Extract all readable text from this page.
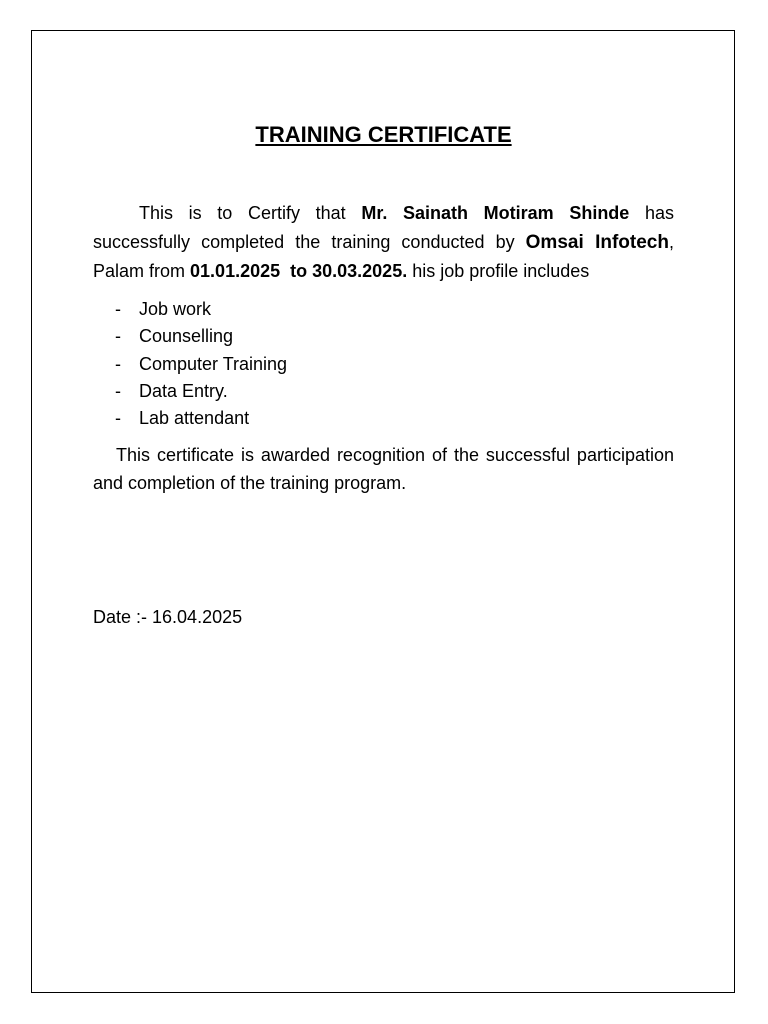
TRAINING CERTIFICATE

This is to Certify that Mr. Sainath Motiram Shinde has successfully completed the training conducted by Omsai Infotech, Palam from 01.01.2025  to 30.03.2025. his job profile includes

- Job work
- Counselling
- Computer Training
- Data Entry.
- Lab attendant

This certificate is awarded recognition of the successful participation and completion of the training program.

Date :- 16.04.2025
